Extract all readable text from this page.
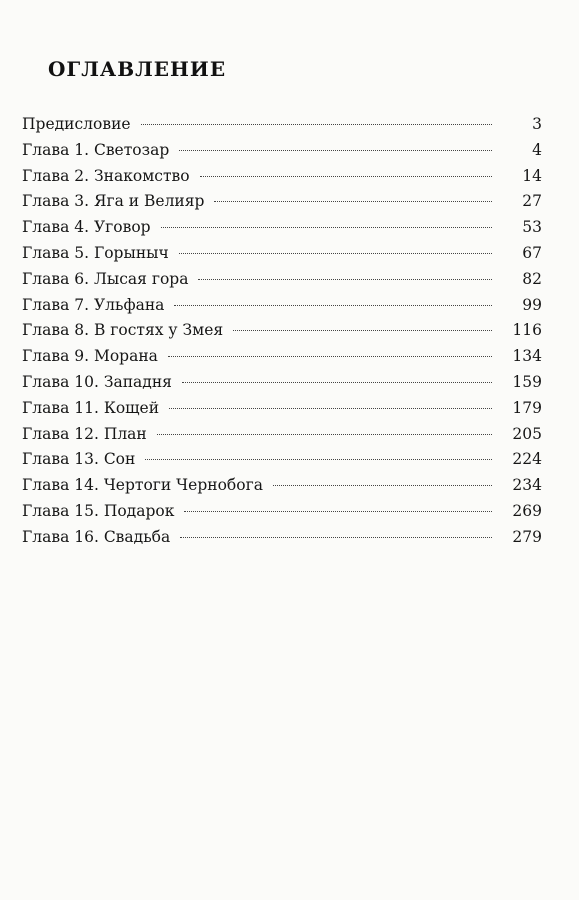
оглавление
Предисловие	3
Глава 1. Светозар	4
Глава 2. Знакомство	14
Глава 3. Яга и Велияр	27
Глава 4. Уговор	53
Глава 5. Горыныч	67
Глава 6. Лысая гора	82
Глава 7. Ульфана	99
Глава 8. В гостях у Змея	116
Глава 9. Морана	134
Глава 10. Западня	159
Глава 11. Кощей	179
Глава 12. План	205
Глава 13. Сон	224
Глава 14. Чертоги Чернобога	234
Глава 15. Подарок	269
Глава 16. Свадьба	279
